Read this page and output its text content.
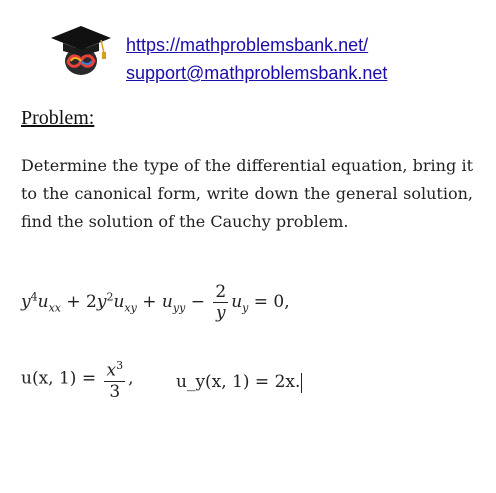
https://mathproblemsbank.net/
support@mathproblemsbank.net
Problem:
Determine the type of the differential equation, bring it to the canonical form, write down the general solution, find the solution of the Cauchy problem.
$y^4u_{xx} + 2y^2u_{xy} + u_{yy} - \frac{2}{y} u_y = 0$,
u(x, $1) = \frac{x^3}{3}$ ,	u_y(x, 1) = 2x.
